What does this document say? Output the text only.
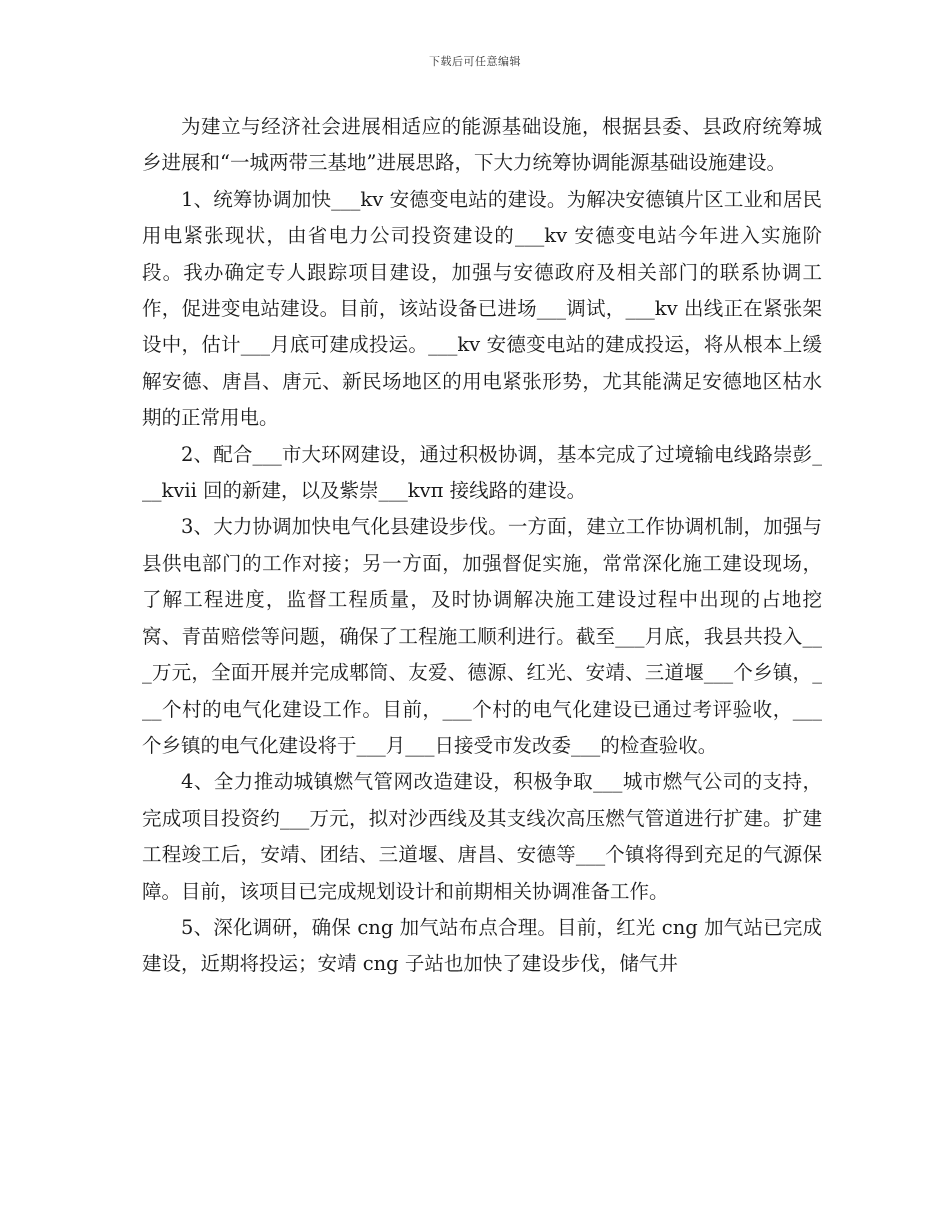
下载后可任意编辑

为建立与经济社会进展相适应的能源基础设施，根据县委、县政府统筹城乡进展和“一城两带三基地”进展思路，下大力统筹协调能源基础设施建设。

1、统筹协调加快___kv 安德变电站的建设。为解决安德镇片区工业和居民用电紧张现状，由省电力公司投资建设的___kv 安德变电站今年进入实施阶段。我办确定专人跟踪项目建设，加强与安德政府及相关部门的联系协调工作，促进变电站建设。目前，该站设备已进场___调试，___kv 出线正在紧张架设中，估计___月底可建成投运。___kv 安德变电站的建成投运，将从根本上缓解安德、唐昌、唐元、新民场地区的用电紧张形势，尤其能满足安德地区枯水期的正常用电。

2、配合___市大环网建设，通过积极协调，基本完成了过境输电线路崇彭___kvii 回的新建，以及紫崇___kvπ 接线路的建设。

3、大力协调加快电气化县建设步伐。一方面，建立工作协调机制，加强与县供电部门的工作对接；另一方面，加强督促实施，常常深化施工建设现场，了解工程进度，监督工程质量，及时协调解决施工建设过程中出现的占地挖窝、青苗赔偿等问题，确保了工程施工顺利进行。截至___月底，我县共投入___万元，全面开展并完成郫筒、友爱、德源、红光、安靖、三道堰___个乡镇，___个村的电气化建设工作。目前，___个村的电气化建设已通过考评验收，___个乡镇的电气化建设将于___月___日接受市发改委___的检查验收。

4、全力推动城镇燃气管网改造建设，积极争取___城市燃气公司的支持，完成项目投资约___万元，拟对沙西线及其支线次高压燃气管道进行扩建。扩建工程竣工后，安靖、团结、三道堰、唐昌、安德等___个镇将得到充足的气源保障。目前，该项目已完成规划设计和前期相关协调准备工作。

5、深化调研，确保 cng 加气站布点合理。目前，红光 cng 加气站已完成建设，近期将投运；安靖 cng 子站也加快了建设步伐，储气井
